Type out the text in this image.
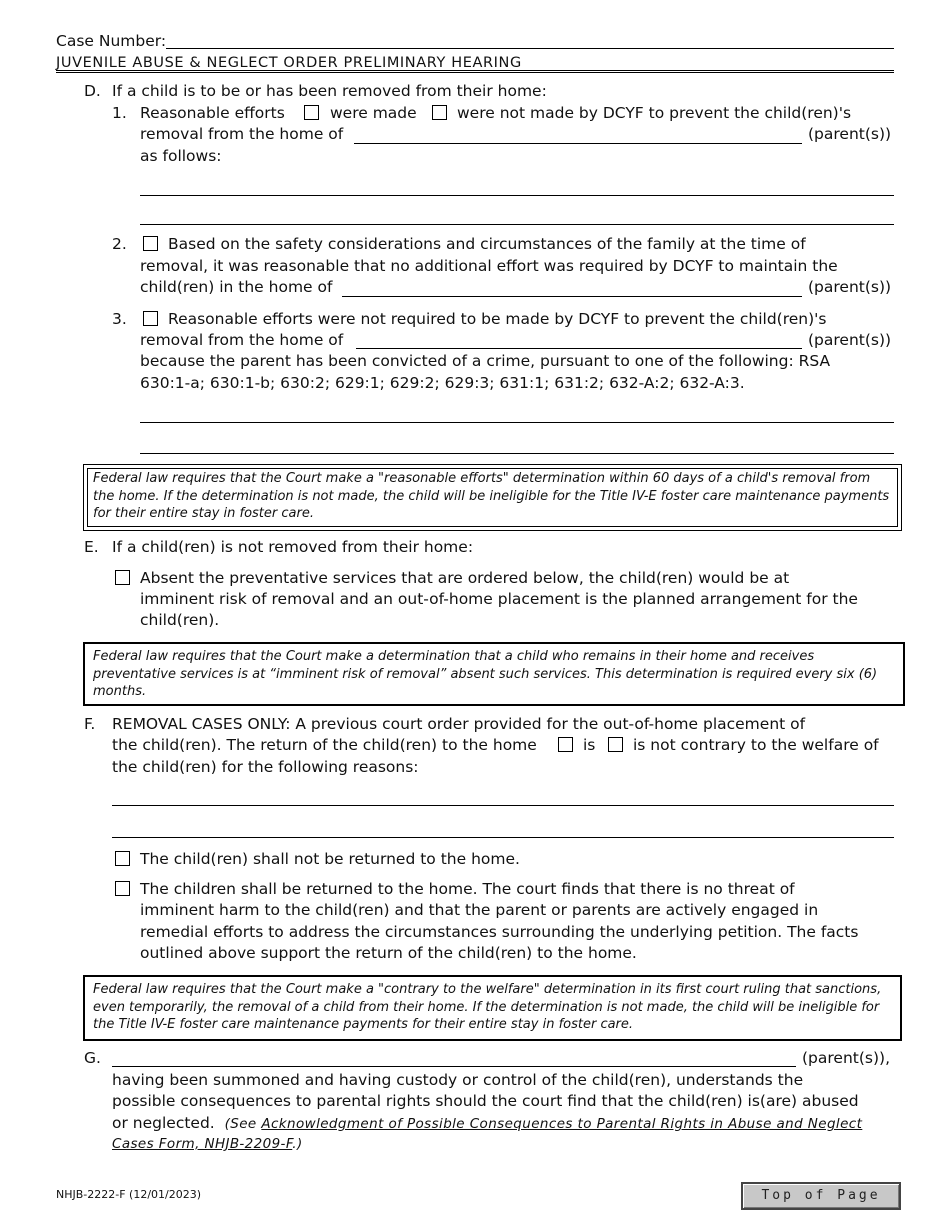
Case Number:
JUVENILE ABUSE & NEGLECT ORDER PRELIMINARY HEARING
D. If a child is to be or has been removed from their home:
1. Reasonable efforts	were made	were not made by DCYF to prevent the child(ren)'s
removal from the home of	(parent(s))
as follows:
2.	Based on the safety considerations and circumstances of the family at the time of
removal, it was reasonable that no additional effort was required by DCYF to maintain the
child(ren) in the home of	(parent(s))
3.	Reasonable efforts were not required to be made by DCYF to prevent the child(ren)'s
removal from the home of	(parent(s))
because the parent has been convicted of a crime, pursuant to one of the following: RSA
630:1-a; 630:1-b; 630:2; 629:1; 629:2; 629:3; 631:1; 631:2; 632-A:2; 632-A:3.
Federal law requires that the Court make a "reasonable efforts" determination within 60 days of a child's removal from the home. If the determination is not made, the child will be ineligible for the Title IV-E foster care maintenance payments for their entire stay in foster care.
E. If a child(ren) is not removed from their home:
Absent the preventative services that are ordered below, the child(ren) would be at
imminent risk of removal and an out-of-home placement is the planned arrangement for the
child(ren).
Federal law requires that the Court make a determination that a child who remains in their home and receives preventative services is at “imminent risk of removal” absent such services. This determination is required every six (6) months.
F. REMOVAL CASES ONLY: A previous court order provided for the out-of-home placement of
the child(ren). The return of the child(ren) to the home	is is not contrary to the welfare of
the child(ren) for the following reasons:
The child(ren) shall not be returned to the home.
The children shall be returned to the home. The court finds that there is no threat of
imminent harm to the child(ren) and that the parent or parents are actively engaged in
remedial efforts to address the circumstances surrounding the underlying petition. The facts
outlined above support the return of the child(ren) to the home.
Federal law requires that the Court make a "contrary to the welfare" determination in its first court ruling that sanctions, even temporarily, the removal of a child from their home. If the determination is not made, the child will be ineligible for the Title IV-E foster care maintenance payments for their entire stay in foster care.
G.	(parent(s)),
having been summoned and having custody or control of the child(ren), understands the
possible consequences to parental rights should the court find that the child(ren) is(are) abused
or neglected. (See Acknowledgment of Possible Consequences to Parental Rights in Abuse and Neglect
Cases Form, NHJB-2209-F.)
NHJB-2222-F (12/01/2023)	Top of Page
